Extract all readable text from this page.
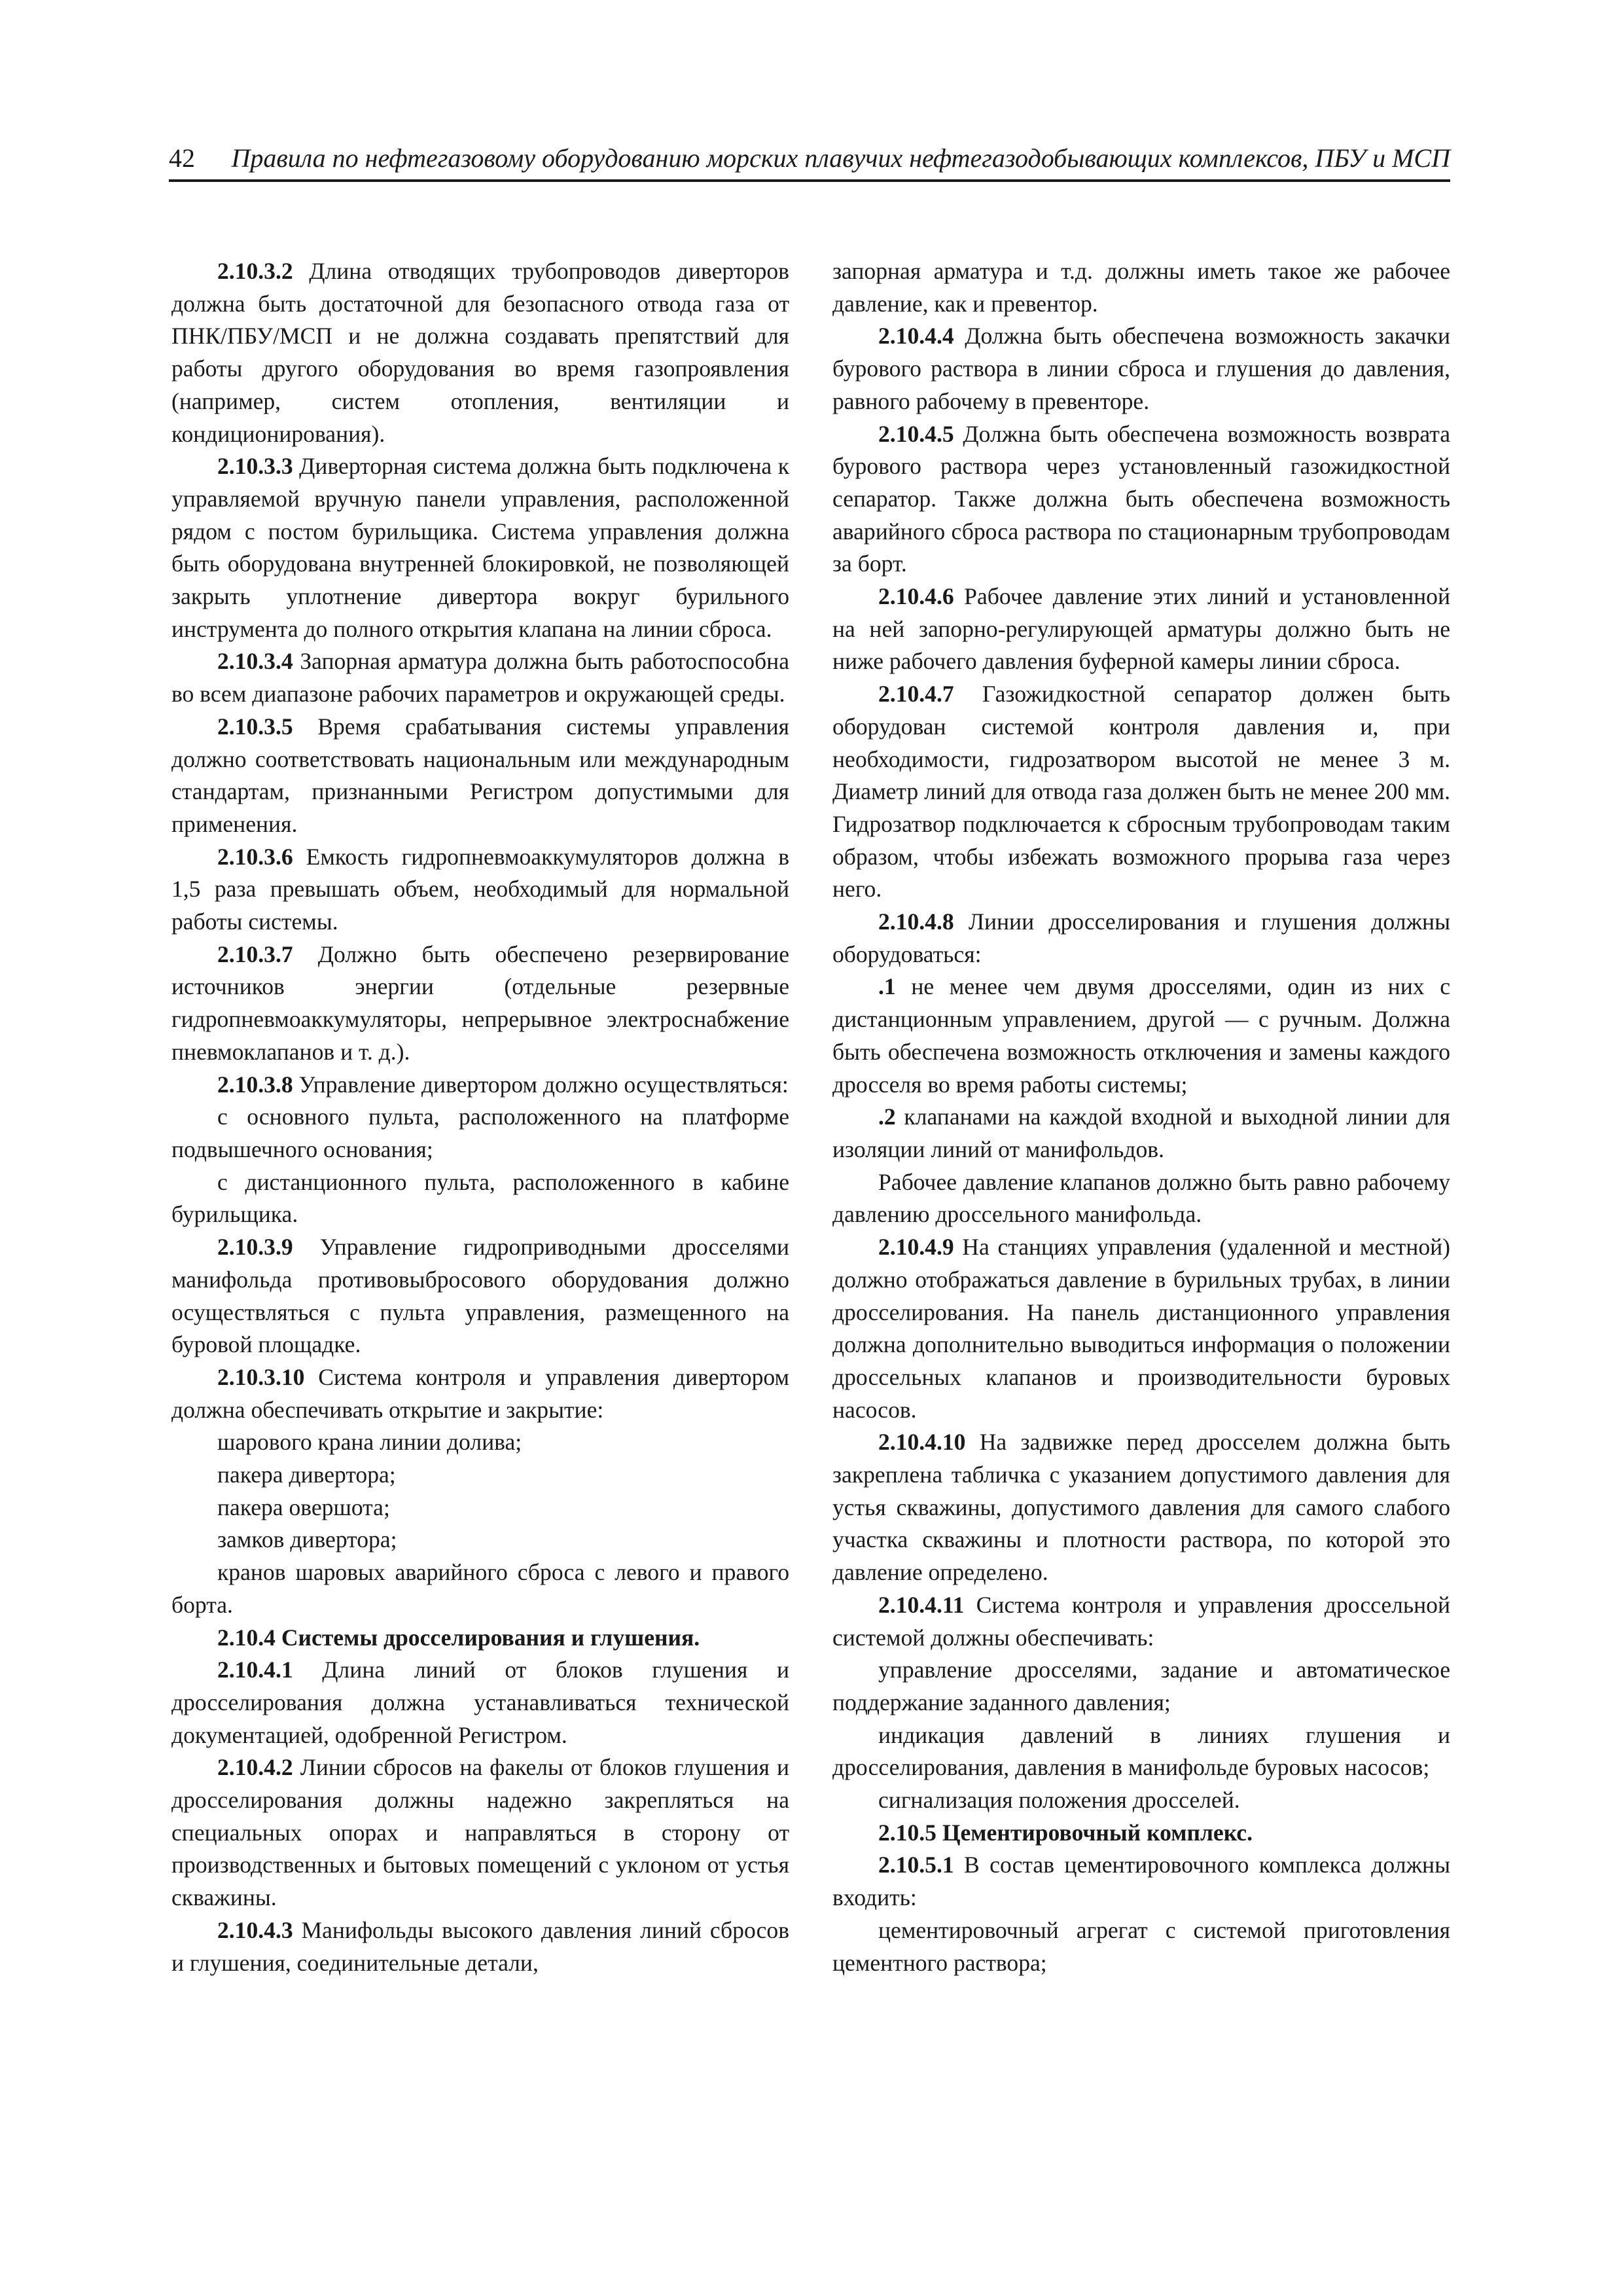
42 Правила по нефтегазовому оборудованию морских плавучих нефтегазодобывающих комплексов, ПБУ и МСП

2.10.3.2 Длина отводящих трубопроводов диверторов должна быть достаточной для безопасного отвода газа от ПНК/ПБУ/МСП и не должна создавать препятствий для работы другого оборудования во время газопроявления (например, систем отопления, вентиляции и кондиционирования).

2.10.3.3 Диверторная система должна быть подключена к управляемой вручную панели управления, расположенной рядом с постом бурильщика. Система управления должна быть оборудована внутренней блокировкой, не позволяющей закрыть уплотнение дивертора вокруг бурильного инструмента до полного открытия клапана на линии сброса.

2.10.3.4 Запорная арматура должна быть работоспособна во всем диапазоне рабочих параметров и окружающей среды.

2.10.3.5 Время срабатывания системы управления должно соответствовать национальным или международным стандартам, признанными Регистром допустимыми для применения.

2.10.3.6 Емкость гидропневмоаккумуляторов должна в 1,5 раза превышать объем, необходимый для нормальной работы системы.

2.10.3.7 Должно быть обеспечено резервирование источников энергии (отдельные резервные гидропневмоаккумуляторы, непрерывное электроснабжение пневмоклапанов и т. д.).

2.10.3.8 Управление дивертором должно осуществляться:

с основного пульта, расположенного на платформе подвышечного основания;

с дистанционного пульта, расположенного в кабине бурильщика.

2.10.3.9 Управление гидроприводными дросселями манифольда противовыбросового оборудования должно осуществляться с пульта управления, размещенного на буровой площадке.

2.10.3.10 Система контроля и управления дивертором должна обеспечивать открытие и закрытие:

шарового крана линии долива;

пакера дивертора;

пакера овершота;

замков дивертора;

кранов шаровых аварийного сброса с левого и правого борта.

2.10.4 Системы дросселирования и глушения.

2.10.4.1 Длина линий от блоков глушения и дросселирования должна устанавливаться технической документацией, одобренной Регистром.

2.10.4.2 Линии сбросов на факелы от блоков глушения и дросселирования должны надежно закрепляться на специальных опорах и направляться в сторону от производственных и бытовых помещений с уклоном от устья скважины.

2.10.4.3 Манифольды высокого давления линий сбросов и глушения, соединительные детали,

запорная арматура и т.д. должны иметь такое же рабочее давление, как и превентор.

2.10.4.4 Должна быть обеспечена возможность закачки бурового раствора в линии сброса и глушения до давления, равного рабочему в превенторе.

2.10.4.5 Должна быть обеспечена возможность возврата бурового раствора через установленный газожидкостной сепаратор. Также должна быть обеспечена возможность аварийного сброса раствора по стационарным трубопроводам за борт.

2.10.4.6 Рабочее давление этих линий и установленной на ней запорно-регулирующей арматуры должно быть не ниже рабочего давления буферной камеры линии сброса.

2.10.4.7 Газожидкостной сепаратор должен быть оборудован системой контроля давления и, при необходимости, гидрозатвором высотой не менее 3 м. Диаметр линий для отвода газа должен быть не менее 200 мм. Гидрозатвор подключается к сбросным трубопроводам таким образом, чтобы избежать возможного прорыва газа через него.

2.10.4.8 Линии дросселирования и глушения должны оборудоваться:

.1 не менее чем двумя дросселями, один из них с дистанционным управлением, другой — с ручным. Должна быть обеспечена возможность отключения и замены каждого дросселя во время работы системы;

.2 клапанами на каждой входной и выходной линии для изоляции линий от манифольдов.

Рабочее давление клапанов должно быть равно рабочему давлению дроссельного манифольда.

2.10.4.9 На станциях управления (удаленной и местной) должно отображаться давление в бурильных трубах, в линии дросселирования. На панель дистанционного управления должна дополнительно выводиться информация о положении дроссельных клапанов и производительности буровых насосов.

2.10.4.10 На задвижке перед дросселем должна быть закреплена табличка с указанием допустимого давления для устья скважины, допустимого давления для самого слабого участка скважины и плотности раствора, по которой это давление определено.

2.10.4.11 Система контроля и управления дроссельной системой должны обеспечивать:

управление дросселями, задание и автоматическое поддержание заданного давления;

индикация давлений в линиях глушения и дросселирования, давления в манифольде буровых насосов;

сигнализация положения дросселей.

2.10.5 Цементировочный комплекс.

2.10.5.1 В состав цементировочного комплекса должны входить:

цементировочный агрегат с системой приготовления цементного раствора;
